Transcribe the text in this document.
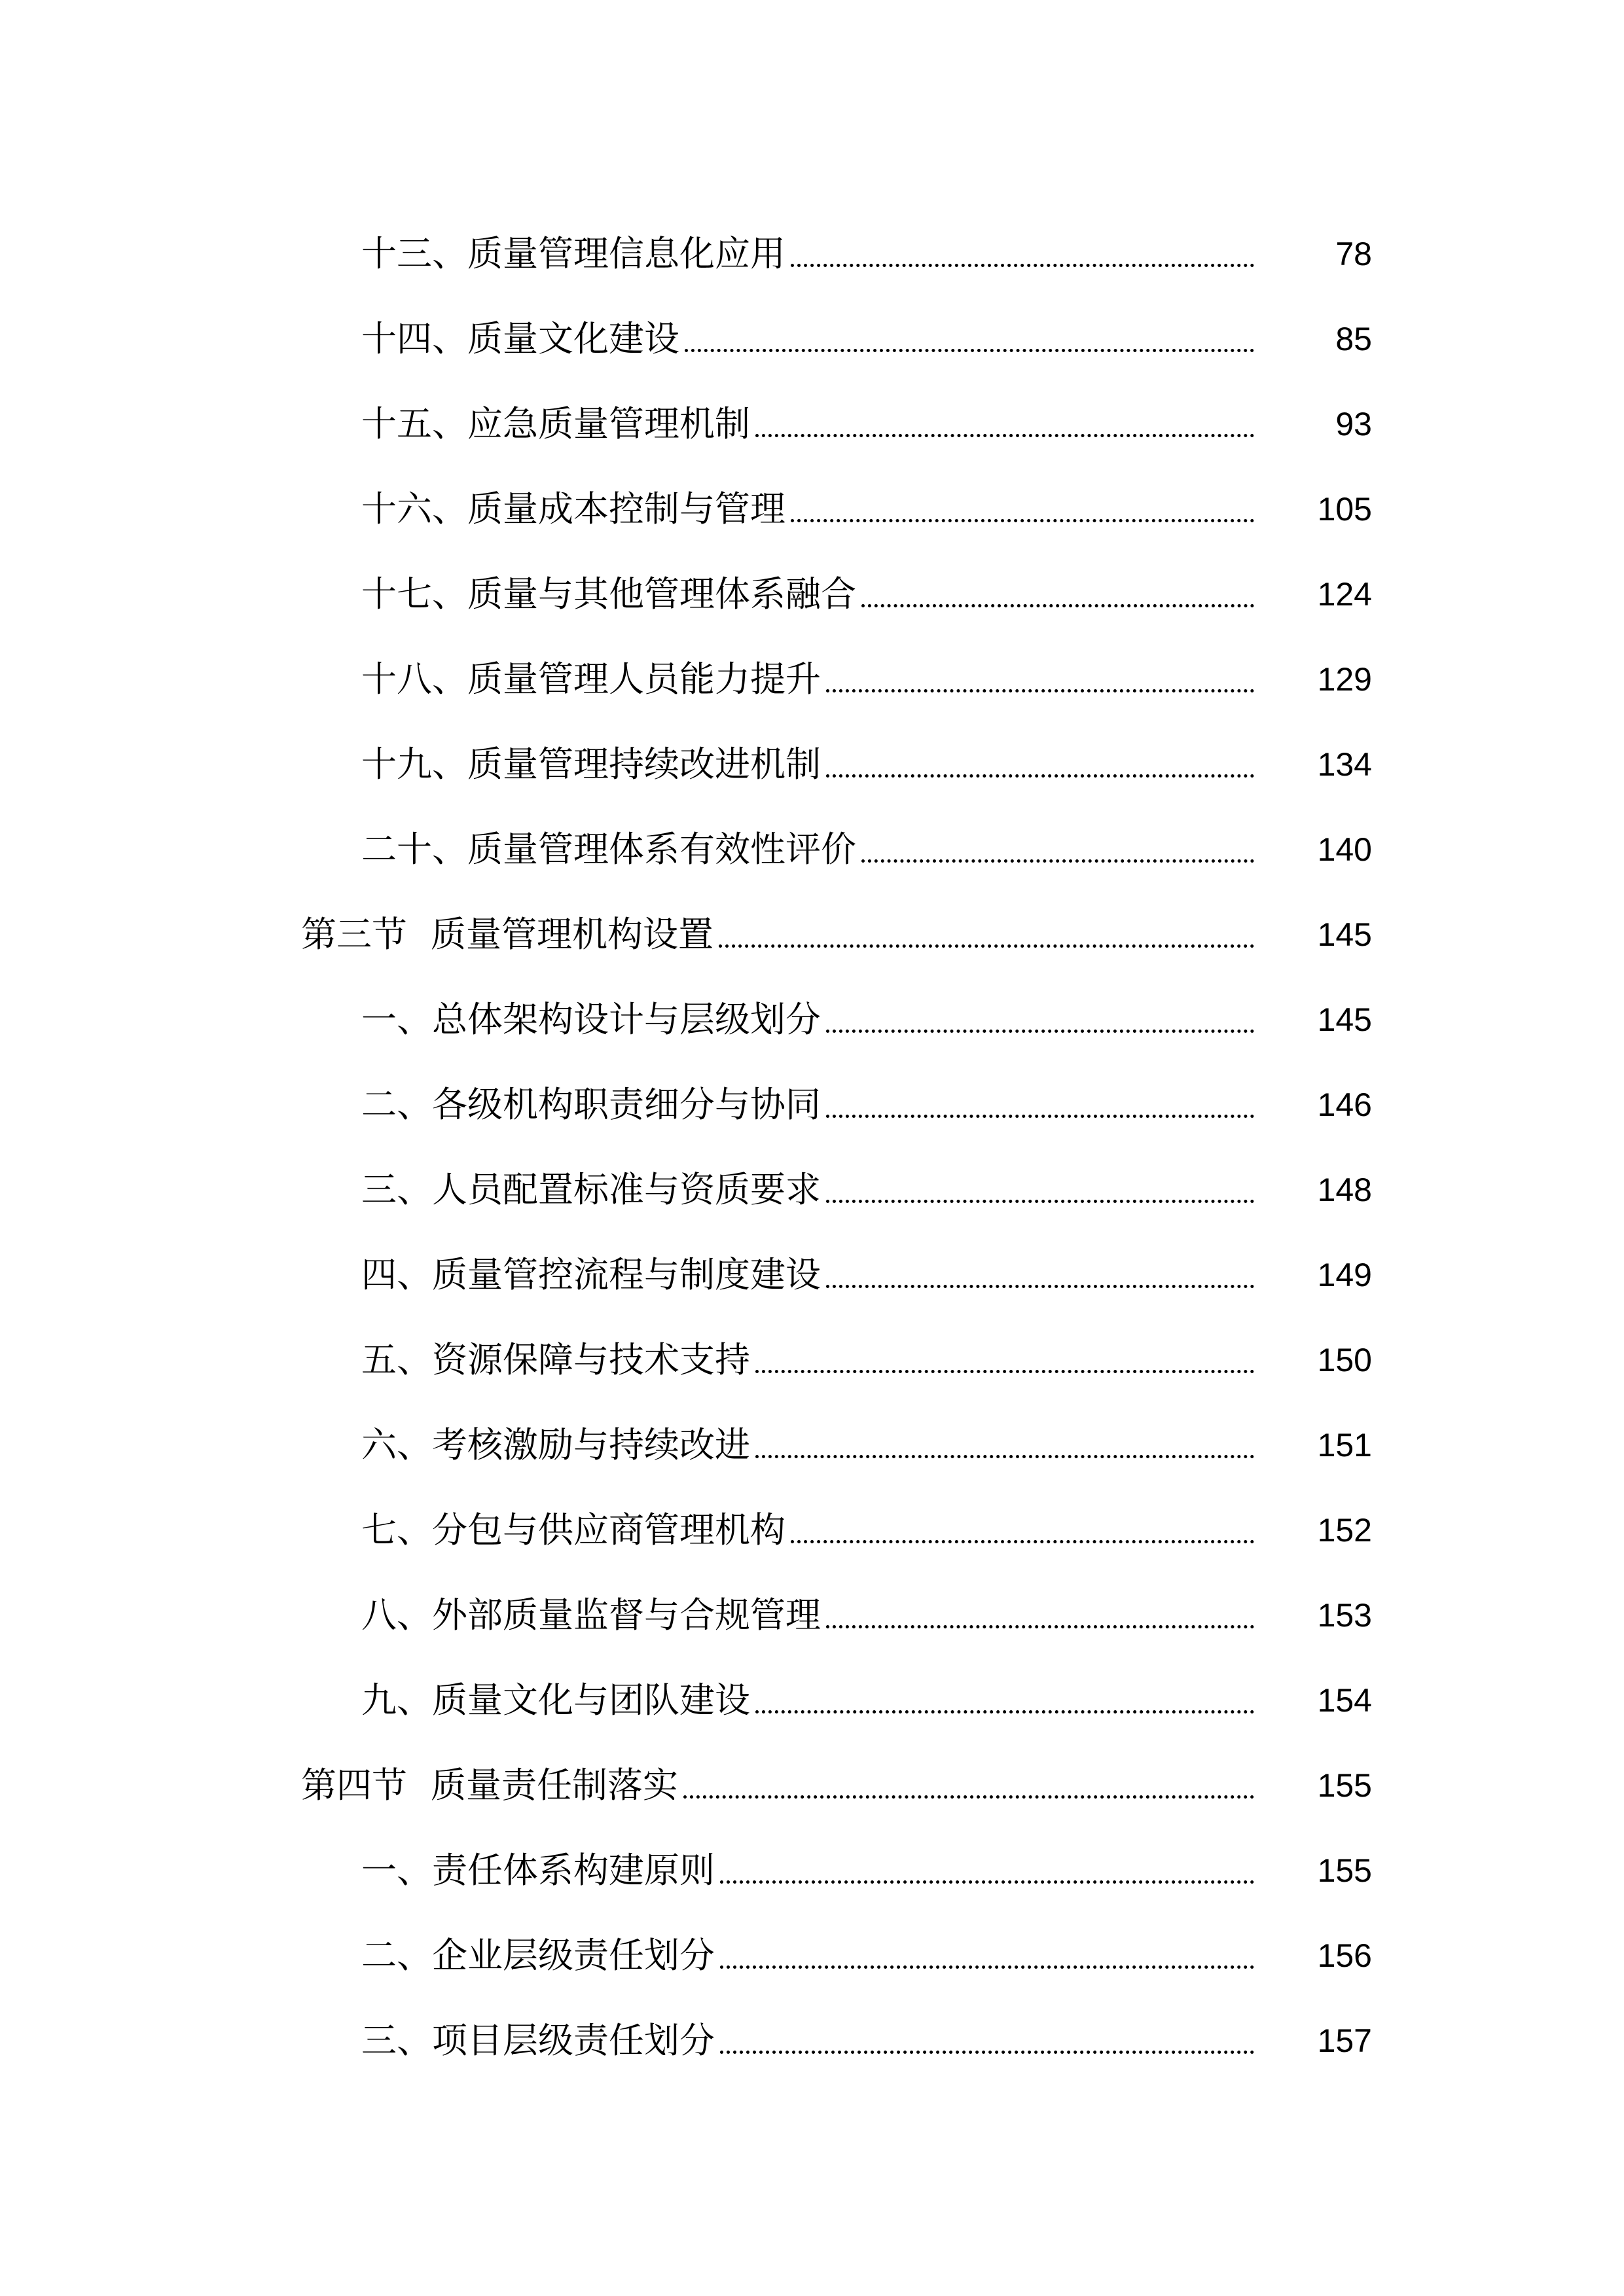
十三、 质量管理信息化应用	78
十四、 质量文化建设	85
十五、 应急质量管理机制	93
十六、 质量成本控制与管理	105
十七、 质量与其他管理体系融合	124
十八、 质量管理人员能力提升	129
十九、 质量管理持续改进机制	134
二十、 质量管理体系有效性评价	140
第三节 质量管理机构设置	145
一、 总体架构设计与层级划分	145
二、 各级机构职责细分与协同	146
三、 人员配置标准与资质要求	148
四、 质量管控流程与制度建设	149
五、 资源保障与技术支持	150
六、 考核激励与持续改进	151
七、 分包与供应商管理机构	152
八、 外部质量监督与合规管理	153
九、 质量文化与团队建设	154
第四节 质量责任制落实	155
一、 责任体系构建原则	155
二、 企业层级责任划分	156
三、 项目层级责任划分	157
